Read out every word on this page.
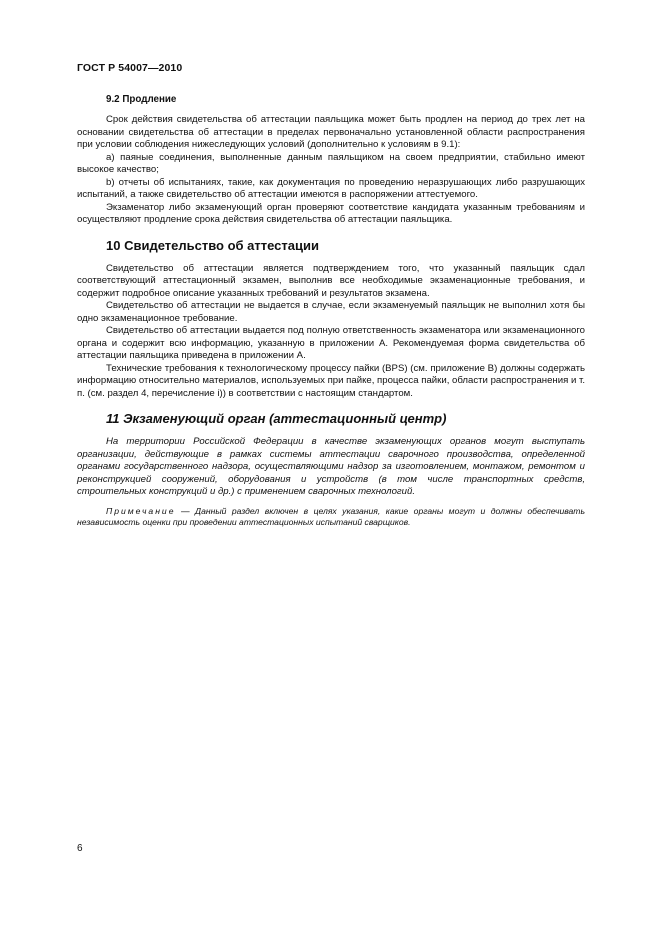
ГОСТ Р 54007—2010
9.2 Продление

Срок действия свидетельства об аттестации паяльщика может быть продлен на период до трех лет на основании свидетельства об аттестации в пределах первоначально установленной области распространения при условии соблюдения нижеследующих условий (дополнительно к условиям в 9.1):

а) паяные соединения, выполненные данным паяльщиком на своем предприятии, стабильно имеют высокое качество;

b) отчеты об испытаниях, такие, как документация по проведению неразрушающих либо разрушающих испытаний, а также свидетельство об аттестации имеются в распоряжении аттестуемого.

Экзаменатор либо экзаменующий орган проверяют соответствие кандидата указанным требованиям и осуществляют продление срока действия свидетельства об аттестации паяльщика.

10 Свидетельство об аттестации

Свидетельство об аттестации является подтверждением того, что указанный паяльщик сдал соответствующий аттестационный экзамен, выполнив все необходимые экзаменационные требования, и содержит подробное описание указанных требований и результатов экзамена.

Свидетельство об аттестации не выдается в случае, если экзаменуемый паяльщик не выполнил хотя бы одно экзаменационное требование.

Свидетельство об аттестации выдается под полную ответственность экзаменатора или экзаменационного органа и содержит всю информацию, указанную в приложении А. Рекомендуемая форма свидетельства об аттестации паяльщика приведена в приложении А.

Технические требования к технологическому процессу пайки (BPS) (см. приложение В) должны содержать информацию относительно материалов, используемых при пайке, процесса пайки, области распространения и т. п. (см. раздел 4, перечисление i)) в соответствии с настоящим стандартом.

11 Экзаменующий орган (аттестационный центр)

На территории Российской Федерации в качестве экзаменующих органов могут выступать организации, действующие в рамках системы аттестации сварочного производства, определенной органами государственного надзора, осуществляющими надзор за изготовлением, монтажом, ремонтом и реконструкцией сооружений, оборудования и устройств (в том числе транспортных средств, строительных конструкций и др.) с применением сварочных технологий.

Примечание — Данный раздел включен в целях указания, какие органы могут и должны обеспечивать независимость оценки при проведении аттестационных испытаний сварщиков.

6
